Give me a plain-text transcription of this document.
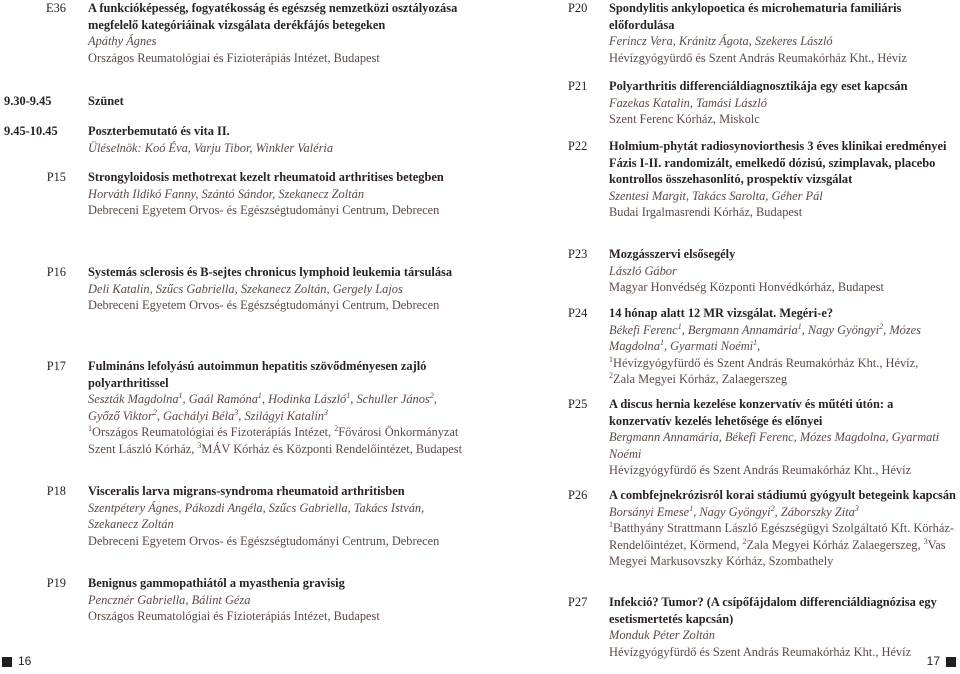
E36 A funkcióképesség, fogyatékosság és egészség nemzetközi osztályozása megfelelő kategóriáinak vizsgálata derékfájós betegeken
Apáthy Ágnes
Országos Reumatológiai és Fizioterápiás Intézet, Budapest
9.30-9.45	Szünet
9.45-10.45 Poszterbemutató és vita II.
Üléselnök: Koó Éva, Varju Tibor, Winkler Valéria
P15 Strongyloidosis methotrexat kezelt rheumatoid arthritises betegben
Horváth Ildikó Fanny, Szántó Sándor, Szekanecz Zoltán
Debreceni Egyetem Orvos- és Egészségtudományi Centrum, Debrecen
P16 Systemás sclerosis és B-sejtes chronicus lymphoid leukemia társulása
Deli Katalin, Szűcs Gabriella, Szekanecz Zoltán, Gergely Lajos
Debreceni Egyetem Orvos- és Egészségtudományi Centrum, Debrecen
P17 Fulmináns lefolyású autoimmun hepatitis szövődményesen zajló polyarthritissel
Seszták Magdolna$^1$, Gaál Ramóna$^1$, Hodinka László$^1$, Schuller János$^2$, Győző Viktor$^2$, Gachályi Béla$^3$, Szilágyi Katalin$^3$
$^1$Országos Reumatológiai és Fizoterápiás Intézet, $^2$Fővárosi Önkormányzat Szent László Kórház, $^3$MÁV Kórház és Központi Rendelőintézet, Budapest
P18 Visceralis larva migrans-syndroma rheumatoid arthritisben
Szentpétery Ágnes, Pákozdi Angéla, Szűcs Gabriella, Takács István, Szekanecz Zoltán
Debreceni Egyetem Orvos- és Egészségtudományi Centrum, Debrecen
P19 Benignus gammopathiától a myasthenia gravisig
Pencznér Gabriella, Bálint Géza
Országos Reumatológiai és Fizioterápiás Intézet, Budapest
P20 Spondylitis ankylopoetica és microhematuria familiáris előfordulása
Ferincz Vera, Kránitz Ágota, Szekeres László
Hévízgyógyürdő és Szent András Reumakórház Kht., Hévíz
P21 Polyarthritis differenciáldiagnosztikája egy eset kapcsán
Fazekas Katalin, Tamási László
Szent Ferenc Kórház, Miskolc
P22 Holmium-phytát radiosynoviorthesis 3 éves klinikai eredményei Fázis I-II. randomizált, emelkedő dózisú, szimplavak, placebo kontrollos összehasonlító, prospektív vizsgálat
Szentesi Margit, Takács Sarolta, Géher Pál
Budai Irgalmasrendi Kórház, Budapest
P23 Mozgásszervi elsősegély
László Gábor
Magyar Honvédség Központi Honvédkórház, Budapest
P24 14 hónap alatt 12 MR vizsgálat. Megéri-e?
Békefi Ferenc$^1$, Bergmann Annamária$^1$, Nagy Gyöngyi$^2$, Mózes Magdolna$^1$, Gyarmati Noémi$^1$,
$^1$Hévízgyógyfürdő és Szent András Reumakórház Kht., Hévíz,
$^2$Zala Megyei Kórház, Zalaegerszeg
P25 A discus hernia kezelése konzervatív és műtéti útón: a konzervatív kezelés lehetősége és előnyei
Bergmann Annamária, Békefi Ferenc, Mózes Magdolna, Gyarmati Noémi
Hévízgyógyfürdő és Szent András Reumakórház Kht., Hévíz
P26 A combfejnekrózisról korai stádiumú gyógyult betegeink kapcsán
Borsányi Emese$^1$, Nagy Gyöngyi$^2$, Záborszky Zita$^3$
$^1$Batthyány Strattmann László Egészségügyi Szolgáltató Kft. Körház- Rendelőintézet, Körmend, $^2$Zala Megyei Kórház Zalaegerszeg, $^3$Vas Megyei Markusovszky Kórház, Szombathely
P27 Infekció? Tumor? (A csípőfájdalom differenciáldiagnózisa egy esetismertetés kapcsán)
Monduk Péter Zoltán
Hévízgyógyfürdő és Szent András Reumakórház Kht., Hévíz
16	17
